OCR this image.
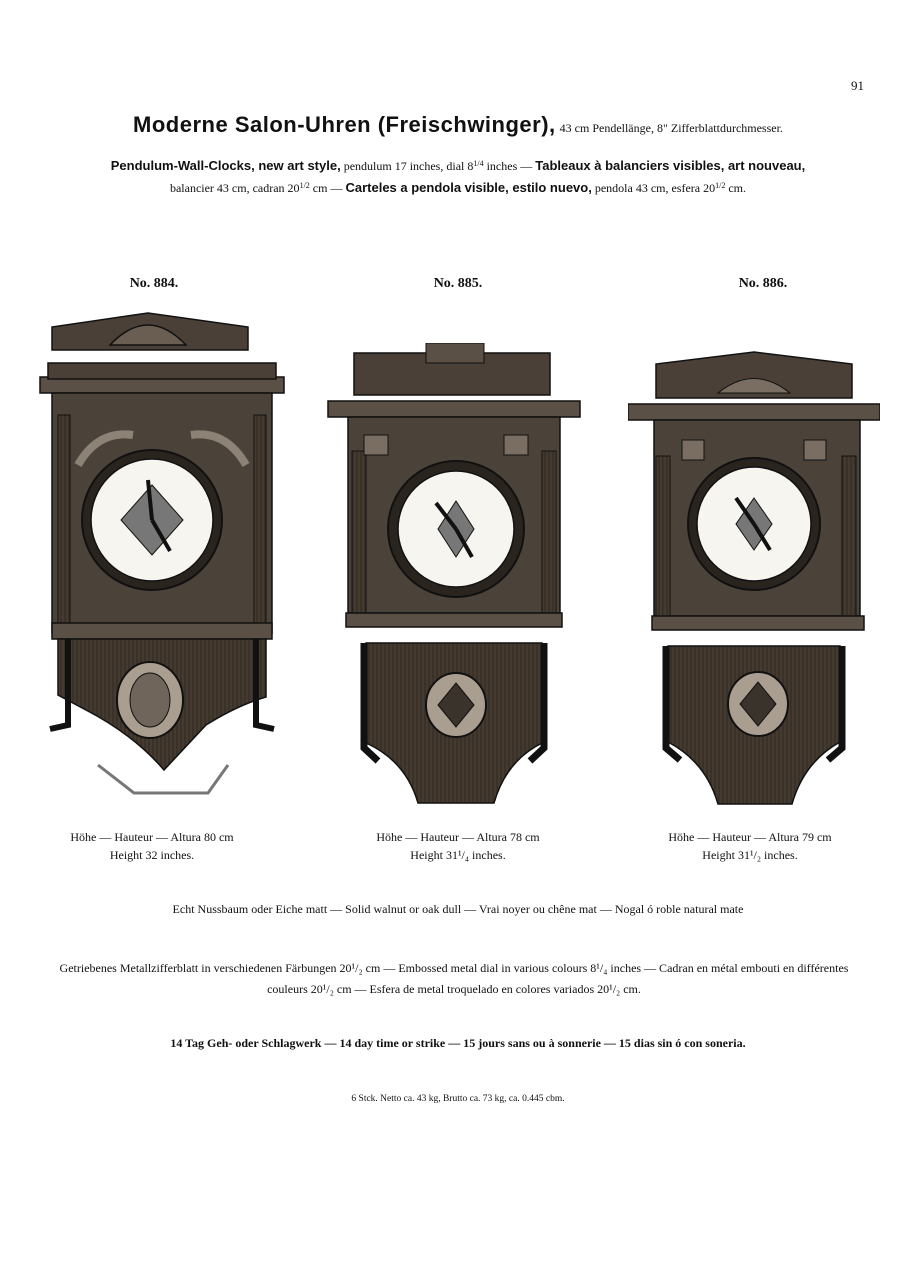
91
Moderne Salon-Uhren (Freischwinger), 43 cm Pendellänge, 8" Zifferblattdurchmesser.
Pendulum-Wall-Clocks, new art style, pendulum 17 inches, dial $8^{1/4}$ inches — Tableaux à balanciers visibles, art nouveau,
balancier 43 cm, cadran $20^{1/2}$ cm — Carteles a pendola visible, estilo nuevo, pendola 43 cm, esfera $20^{1/2}$ cm.
No. 884.	No. 885.	No. 886.
Höhe — Hauteur — Altura 80 cm
Height 32 inches.
Höhe — Hauteur — Altura 78 cm
Height 31¹/₄ inches.
Höhe — Hauteur — Altura 79 cm
Height 31¹/₂ inches.
Echt Nussbaum oder Eiche matt — Solid walnut or oak dull — Vrai noyer ou chêne mat — Nogal ó roble natural mate
Getriebenes Metallzifferblatt in verschiedenen Färbungen 20¹/₂ cm — Embossed metal dial in various colours 8¹/₄ inches — Cadran en métal embouti en différentes couleurs 20¹/₂ cm — Esfera de metal troquelado en colores variados 20¹/₂ cm.
14 Tag Geh- oder Schlagwerk — 14 day time or strike — 15 jours sans ou à sonnerie — 15 dias sin ó con soneria.
6 Stck. Netto ca. 43 kg, Brutto ca. 73 kg, ca. 0.445 cbm.
